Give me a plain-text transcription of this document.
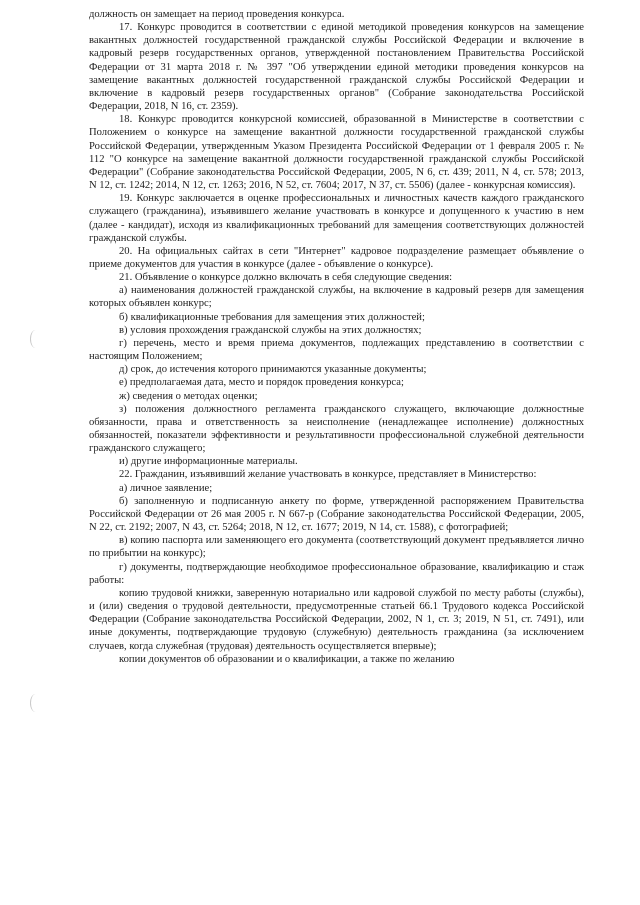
должность он замещает на период проведения конкурса.

17. Конкурс проводится в соответствии с единой методикой проведения конкурсов на замещение вакантных должностей государственной гражданской службы Российской Федерации и включение в кадровый резерв государственных органов, утвержденной постановлением Правительства Российской Федерации от 31 марта 2018 г. № 397 "Об утверждении единой методики проведения конкурсов на замещение вакантных должностей государственной гражданской службы Российской Федерации и включение в кадровый резерв государственных органов" (Собрание законодательства Российской Федерации, 2018, N 16, ст. 2359).

18. Конкурс проводится конкурсной комиссией, образованной в Министерстве в соответствии с Положением о конкурсе на замещение вакантной должности государственной гражданской службы Российской Федерации, утвержденным Указом Президента Российской Федерации от 1 февраля 2005 г. № 112 "О конкурсе на замещение вакантной должности государственной гражданской службы Российской Федерации" (Собрание законодательства Российской Федерации, 2005, N 6, ст. 439; 2011, N 4, ст. 578; 2013, N 12, ст. 1242; 2014, N 12, ст. 1263; 2016, N 52, ст. 7604; 2017, N 37, ст. 5506) (далее - конкурсная комиссия).

19. Конкурс заключается в оценке профессиональных и личностных качеств каждого гражданского служащего (гражданина), изъявившего желание участвовать в конкурсе и допущенного к участию в нем (далее - кандидат), исходя из квалификационных требований для замещения соответствующих должностей гражданской службы.

20. На официальных сайтах в сети "Интернет" кадровое подразделение размещает объявление о приеме документов для участия в конкурсе (далее - объявление о конкурсе).

21. Объявление о конкурсе должно включать в себя следующие сведения:

а) наименования должностей гражданской службы, на включение в кадровый резерв для замещения которых объявлен конкурс;

б) квалификационные требования для замещения этих должностей;

в) условия прохождения гражданской службы на этих должностях;

г) перечень, место и время приема документов, подлежащих представлению в соответствии с настоящим Положением;

д) срок, до истечения которого принимаются указанные документы;

е) предполагаемая дата, место и порядок проведения конкурса;

ж) сведения о методах оценки;

з) положения должностного регламента гражданского служащего, включающие должностные обязанности, права и ответственность за неисполнение (ненадлежащее исполнение) должностных обязанностей, показатели эффективности и результативности профессиональной служебной деятельности гражданского служащего;

и) другие информационные материалы.

22. Гражданин, изъявивший желание участвовать в конкурсе, представляет в Министерство:

а) личное заявление;

б) заполненную и подписанную анкету по форме, утвержденной распоряжением Правительства Российской Федерации от 26 мая 2005 г. N 667-р (Собрание законодательства Российской Федерации, 2005, N 22, ст. 2192; 2007, N 43, ст. 5264; 2018, N 12, ст. 1677; 2019, N 14, ст. 1588), с фотографией;

в) копию паспорта или заменяющего его документа (соответствующий документ предъявляется лично по прибытии на конкурс);

г) документы, подтверждающие необходимое профессиональное образование, квалификацию и стаж работы:

копию трудовой книжки, заверенную нотариально или кадровой службой по месту работы (службы), и (или) сведения о трудовой деятельности, предусмотренные статьей 66.1 Трудового кодекса Российской Федерации (Собрание законодательства Российской Федерации, 2002, N 1, ст. 3; 2019, N 51, ст. 7491), или иные документы, подтверждающие трудовую (служебную) деятельность гражданина (за исключением случаев, когда служебная (трудовая) деятельность осуществляется впервые);

копии документов об образовании и о квалификации, а также по желанию
